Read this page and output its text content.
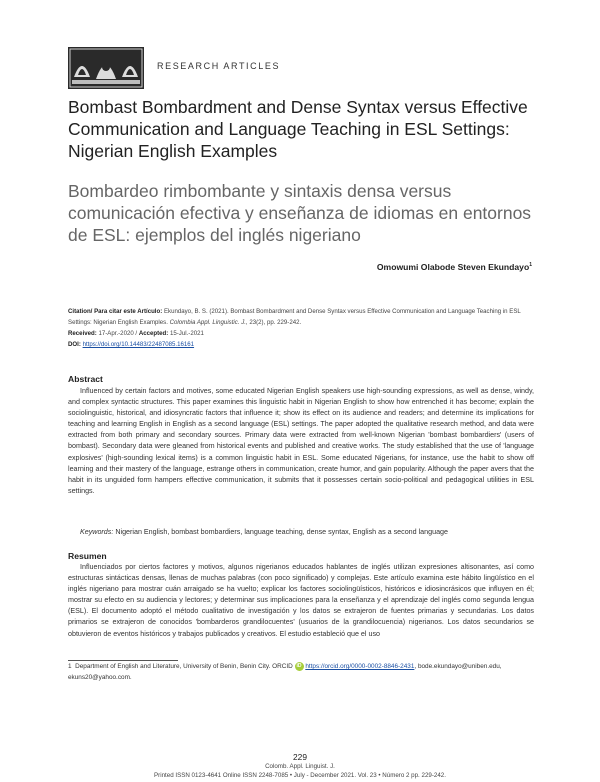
RESEARCH ARTICLES
Bombast Bombardment and Dense Syntax versus Effective Communication and Language Teaching in ESL Settings: Nigerian English Examples
Bombardeo rimbombante y sintaxis densa versus comunicación efectiva y enseñanza de idiomas en entornos de ESL: ejemplos del inglés nigeriano
Omowumi Olabode Steven Ekundayo$^1$
Citation/ Para citar este Artículo: Ekundayo, B. S. (2021). Bombast Bombardment and Dense Syntax versus Effective Communication and Language Teaching in ESL Settings: Nigerian English Examples. Colombia Appl. Linguistic. J., 23(2), pp. 229-242.
Received: 17-Apr.-2020 / Accepted: 15-Jul.-2021
DOI: https://doi.org/10.14483/22487085.16161
Abstract
Influenced by certain factors and motives, some educated Nigerian English speakers use high-sounding expressions, as well as dense, windy, and complex syntactic structures. This paper examines this linguistic habit in Nigerian English to show how entrenched it has become; explain the sociolinguistic, historical, and idiosyncratic factors that influence it; show its effect on its audience and readers; and determine its implications for teaching and learning English in English as a second language (ESL) settings. The paper adopted the qualitative research method, and data were extracted from both primary and secondary sources. Primary data were extracted from well-known Nigerian 'bombast bombardiers' (users of bombast). Secondary data were gleaned from historical events and published and creative works. The study established that the use of 'language explosives' (high-sounding lexical items) is a common linguistic habit in ESL. Some educated Nigerians, for instance, use the habit to show off learning and their mastery of the language, estrange others in communication, create humor, and gain popularity. Although the paper avers that the habit in its unguided form hampers effective communication, it submits that it possesses certain socio-political and pedagogical utilities in ESL settings.
Keywords: Nigerian English, bombast bombardiers, language teaching, dense syntax, English as a second language
Resumen
Influenciados por ciertos factores y motivos, algunos nigerianos educados hablantes de inglés utilizan expresiones altisonantes, así como estructuras sintácticas densas, llenas de muchas palabras (con poco significado) y complejas. Este artículo examina este hábito lingüístico en el inglés nigeriano para mostrar cuán arraigado se ha vuelto; explicar los factores sociolingüísticos, históricos e idiosincrásicos que influyen en él; mostrar su efecto en su audiencia y lectores; y determinar sus implicaciones para la enseñanza y el aprendizaje del inglés como segunda lengua (ESL). El documento adoptó el método cualitativo de investigación y los datos se extrajeron de fuentes primarias y secundarias. Los datos primarios se extrajeron de conocidos 'bombarderos grandilocuentes' (usuarios de la grandilocuencia) nigerianos. Los datos secundarios se obtuvieron de eventos históricos y trabajos publicados y creativos. El estudio estableció que el uso
1 Department of English and Literature, University of Benin, Benin City. ORCID iD https://orcid.org/0000-0002-8846-2431, bode.ekundayo@uniben.edu, ekuns20@yahoo.com.
229
Colomb. Appl. Linguist. J.
Printed ISSN 0123-4641 Online ISSN 2248-7085 • July - December 2021. Vol. 23 • Número 2 pp. 229-242.
